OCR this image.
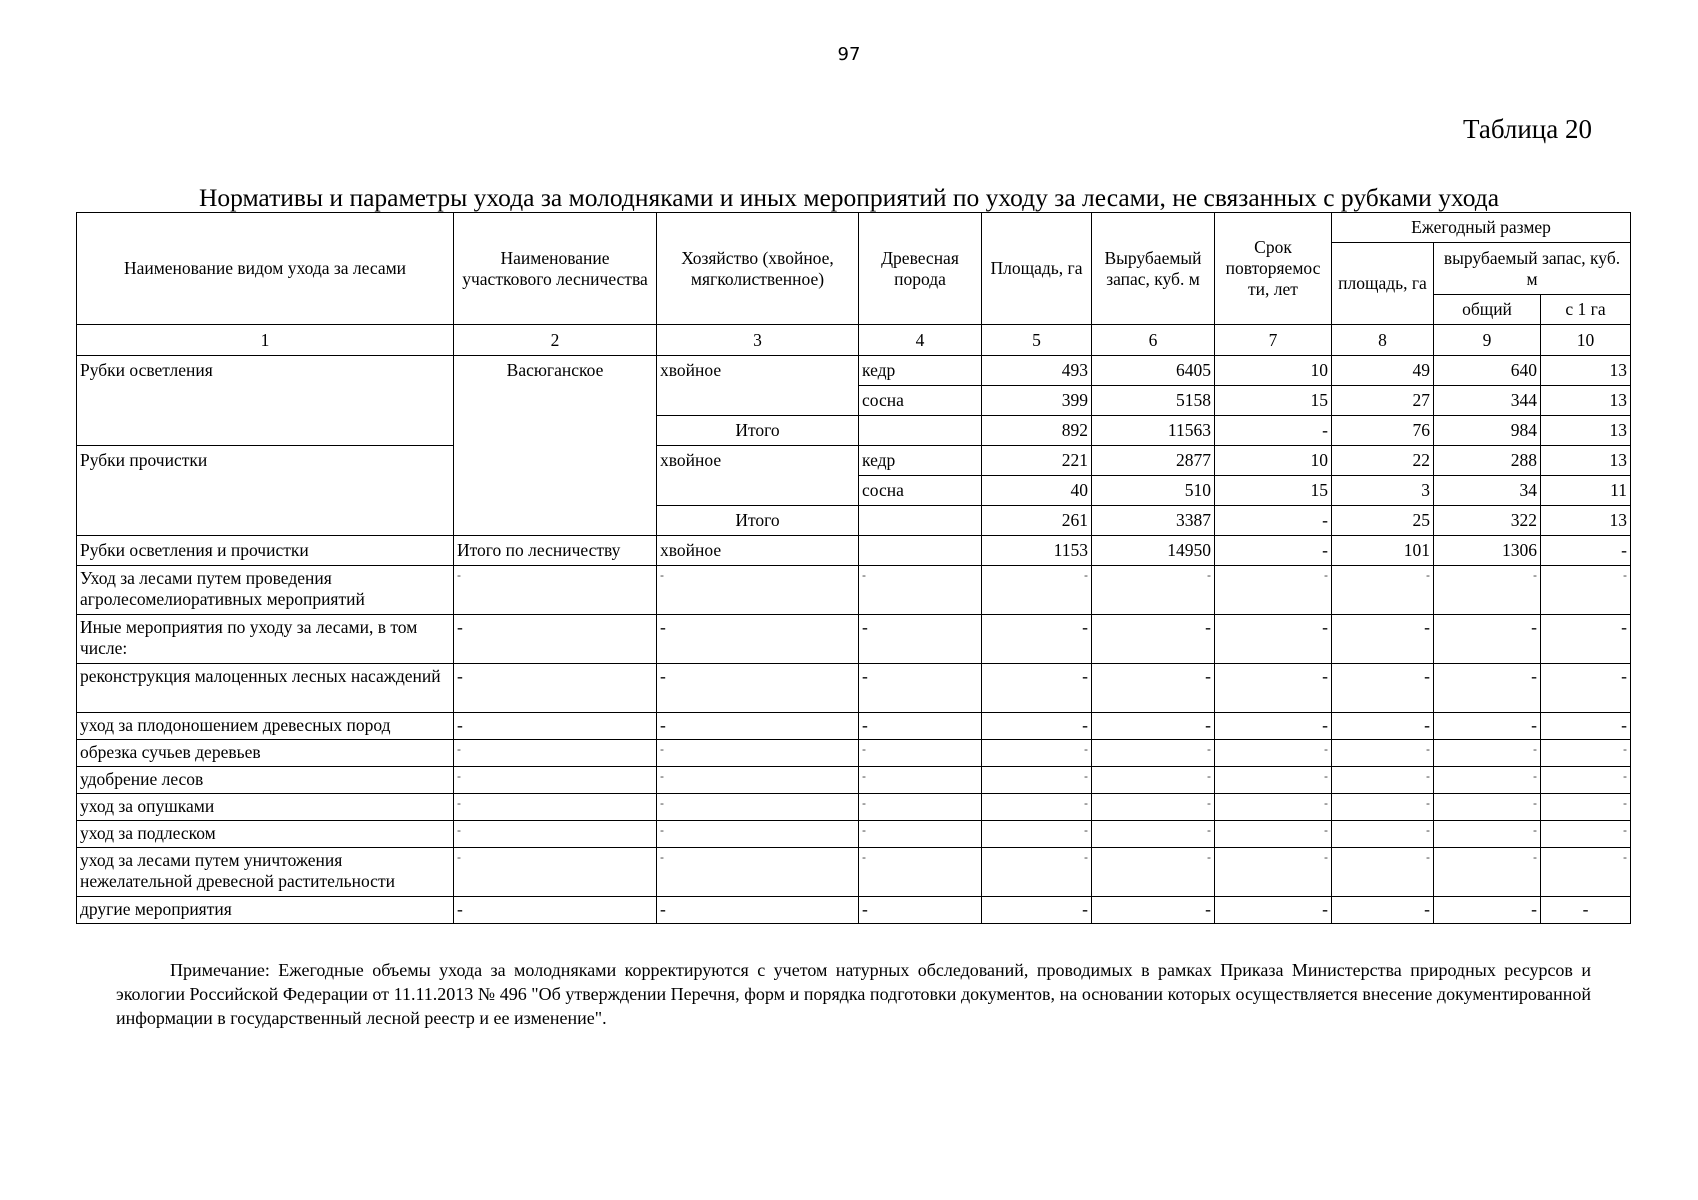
97
Таблица 20
Нормативы и параметры ухода за молодняками и иных мероприятий по уходу за лесами, не связанных с рубками ухода
Наименование видом ухода за лесами	Наименование участкового лесничества	Хозяйство (хвойное, мягколиственное)	Древесная порода	Площадь, га	Вырубаемый запас, куб. м	Срок повторяемос ти, лет	Ежегодный размер		
							площадь, га	вырубаемый запас, куб. м	
								общий	с 1 га
1	2	3	4	5	6	7	8	9	10
Рубки осветления	Васюганское	хвойное	кедр	493	6405	10	49	640	13
			сосна	399	5158	15	27	344	13
		Итого		892	11563	-	76	984	13
Рубки прочистки		хвойное	кедр	221	2877	10	22	288	13
			сосна	40	510	15	3	34	11
		Итого		261	3387	-	25	322	13
Рубки осветления и прочистки	Итого по лесничеству	хвойное		1153	14950	-	101	1306	-
Уход за лесами путем проведения агролесомелиоративных мероприятий	-	-	-	-	-	-	-	-	-
Иные мероприятия по уходу за лесами, в том числе:	-	-	-	-	-	-	-	-	-
реконструкция малоценных лесных насаждений	-	-	-	-	-	-	-	-	-
уход за плодоношением древесных пород	-	-	-	-	-	-	-	-	-
обрезка сучьев деревьев	-	-	-	-	-	-	-	-	-
удобрение лесов	-	-	-	-	-	-	-	-	-
уход за опушками	-	-	-	-	-	-	-	-	-
уход за подлеском	-	-	-	-	-	-	-	-	-
уход за лесами путем уничтожения нежелательной древесной растительности	-	-	-	-	-	-	-	-	-
другие мероприятия	-	-	-	-	-	-	-	-	-
Примечание: Ежегодные объемы ухода за молодняками корректируются с учетом натурных обследований, проводимых в рамках Приказа Министерства природных ресурсов и экологии Российской Федерации от 11.11.2013 № 496 "Об утверждении Перечня, форм и порядка подготовки документов, на основании которых осуществляется внесение документированной информации в государственный лесной реестр и ее изменение".
